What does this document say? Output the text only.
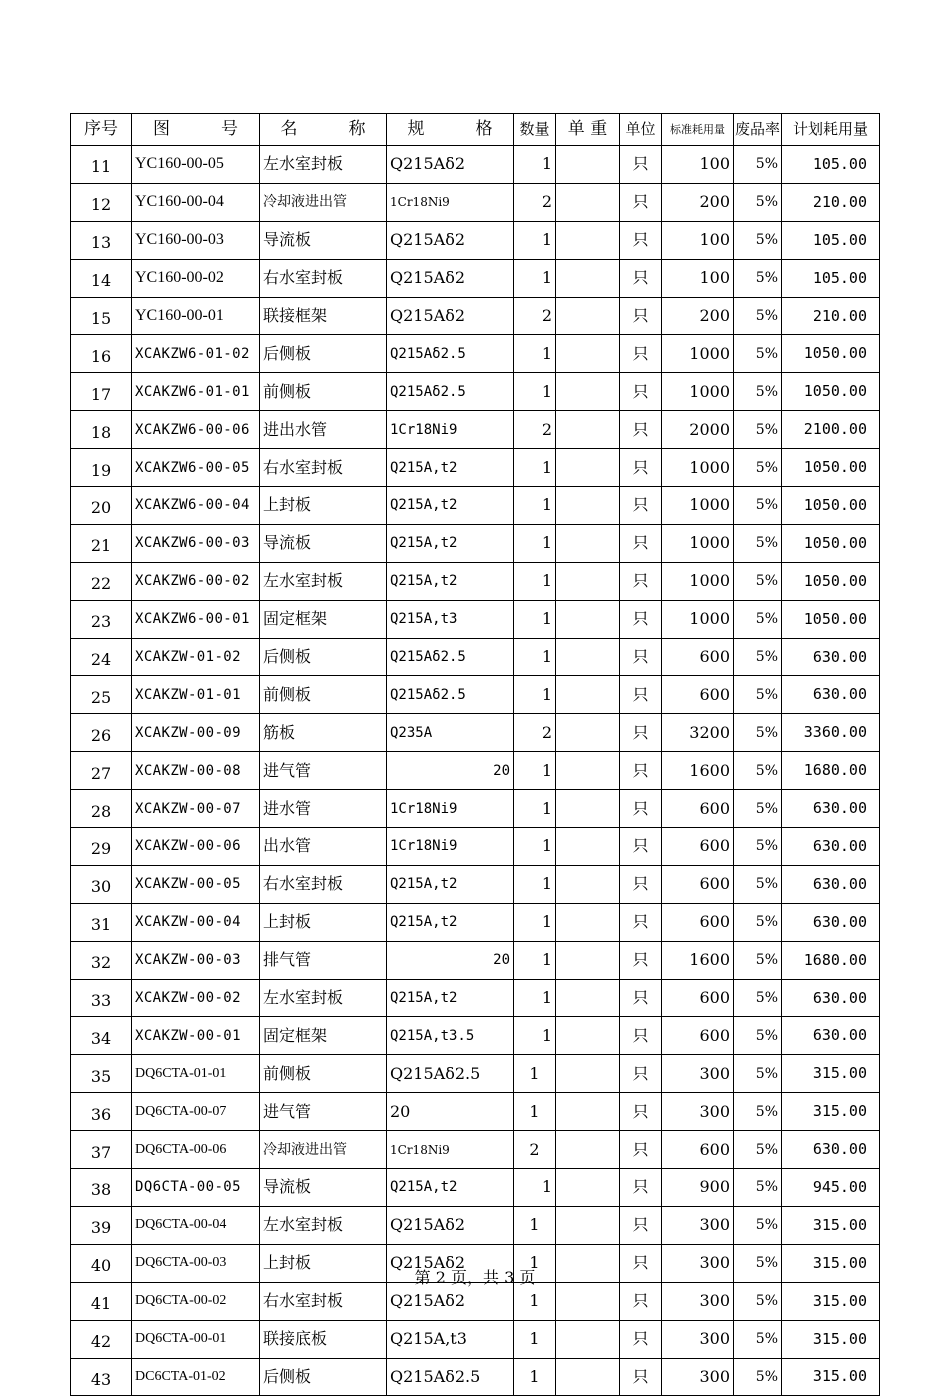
序号	图　　　号	名　　　称	规　　　格	数量	单 重	单位	标准耗用量	废品率	计划耗用量
11	YC160-00-05	左水室封板	Q215Aδ2	1		只	100	5%	105.00
12	YC160-00-04	冷却液进出管	1Cr18Ni9	2		只	200	5%	210.00
13	YC160-00-03	导流板	Q215Aδ2	1		只	100	5%	105.00
14	YC160-00-02	右水室封板	Q215Aδ2	1		只	100	5%	105.00
15	YC160-00-01	联接框架	Q215Aδ2	2		只	200	5%	210.00
16	XCAKZW6-01-02	后侧板	Q215Aδ2.5	1		只	1000	5%	1050.00
17	XCAKZW6-01-01	前侧板	Q215Aδ2.5	1		只	1000	5%	1050.00
18	XCAKZW6-00-06	进出水管	1Cr18Ni9	2		只	2000	5%	2100.00
19	XCAKZW6-00-05	右水室封板	Q215A,t2	1		只	1000	5%	1050.00
20	XCAKZW6-00-04	上封板	Q215A,t2	1		只	1000	5%	1050.00
21	XCAKZW6-00-03	导流板	Q215A,t2	1		只	1000	5%	1050.00
22	XCAKZW6-00-02	左水室封板	Q215A,t2	1		只	1000	5%	1050.00
23	XCAKZW6-00-01	固定框架	Q215A,t3	1		只	1000	5%	1050.00
24	XCAKZW-01-02	后侧板	Q215Aδ2.5	1		只	600	5%	630.00
25	XCAKZW-01-01	前侧板	Q215Aδ2.5	1		只	600	5%	630.00
26	XCAKZW-00-09	筋板	Q235A	2		只	3200	5%	3360.00
27	XCAKZW-00-08	进气管	20	1		只	1600	5%	1680.00
28	XCAKZW-00-07	进水管	1Cr18Ni9	1		只	600	5%	630.00
29	XCAKZW-00-06	出水管	1Cr18Ni9	1		只	600	5%	630.00
30	XCAKZW-00-05	右水室封板	Q215A,t2	1		只	600	5%	630.00
31	XCAKZW-00-04	上封板	Q215A,t2	1		只	600	5%	630.00
32	XCAKZW-00-03	排气管	20	1		只	1600	5%	1680.00
33	XCAKZW-00-02	左水室封板	Q215A,t2	1		只	600	5%	630.00
34	XCAKZW-00-01	固定框架	Q215A,t3.5	1		只	600	5%	630.00
35	DQ6CTA-01-01	前侧板	Q215Aδ2.5	1		只	300	5%	315.00
36	DQ6CTA-00-07	进气管	20	1		只	300	5%	315.00
37	DQ6CTA-00-06	冷却液进出管	1Cr18Ni9	2		只	600	5%	630.00
38	DQ6CTA-00-05	导流板	Q215A,t2	1		只	900	5%	945.00
39	DQ6CTA-00-04	左水室封板	Q215Aδ2	1		只	300	5%	315.00
40	DQ6CTA-00-03	上封板	Q215Aδ2	1		只	300	5%	315.00
41	DQ6CTA-00-02	右水室封板	Q215Aδ2	1		只	300	5%	315.00
42	DQ6CTA-00-01	联接底板	Q215A,t3	1		只	300	5%	315.00
43	DC6CTA-01-02	后侧板	Q215Aδ2.5	1		只	300	5%	315.00
第 2 页，共 3 页
